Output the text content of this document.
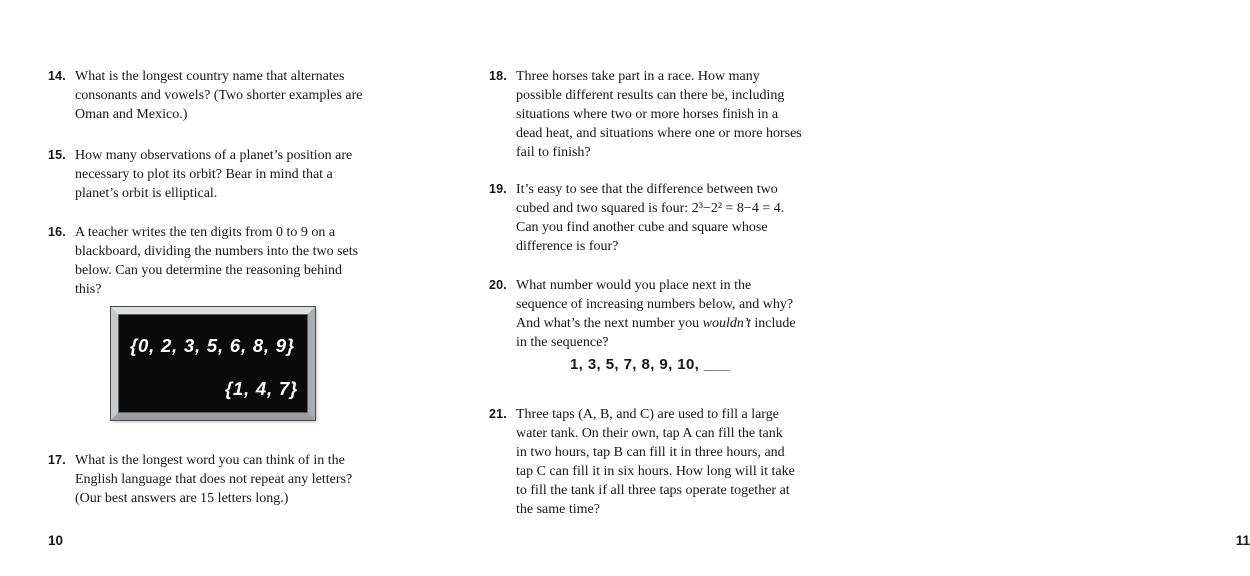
14. What is the longest country name that alternates
consonants and vowels? (Two shorter examples are
Oman and Mexico.)
15. How many observations of a planet’s position are
necessary to plot its orbit? Bear in mind that a
planet’s orbit is elliptical.
16. A teacher writes the ten digits from 0 to 9 on a
blackboard, dividing the numbers into the two sets
below. Can you determine the reasoning behind
this?
{0, 2, 3, 5, 6, 8, 9}
{1, 4, 7}
17. What is the longest word you can think of in the
English language that does not repeat any letters?
(Our best answers are 15 letters long.)
10
18. Three horses take part in a race. How many
possible different results can there be, including
situations where two or more horses finish in a
dead heat, and situations where one or more horses
fail to finish?
19. It’s easy to see that the difference between two
cubed and two squared is four: 2³−2² = 8−4 = 4.
Can you find another cube and square whose
difference is four?
20. What number would you place next in the
sequence of increasing numbers below, and why?
And what’s the next number you wouldn’t include
in the sequence?
1, 3, 5, 7, 8, 9, 10, ___
21. Three taps (A, B, and C) are used to fill a large
water tank. On their own, tap A can fill the tank
in two hours, tap B can fill it in three hours, and
tap C can fill it in six hours. How long will it take
to fill the tank if all three taps operate together at
the same time?
11
